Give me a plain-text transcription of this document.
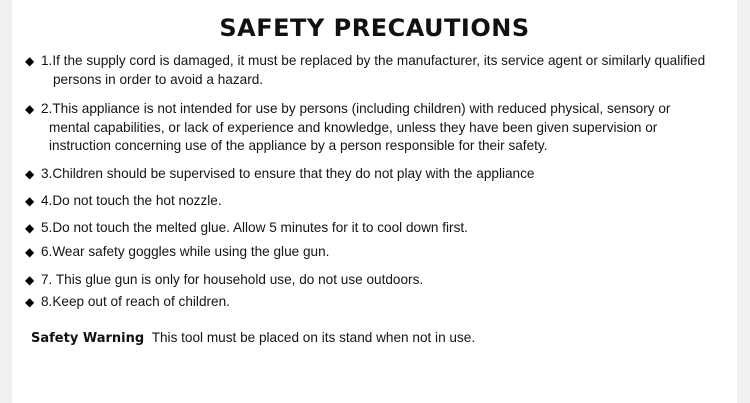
SAFETY PRECAUTIONS
◆ 1.If the supply cord is damaged, it must be replaced by the manufacturer, its service agent or similarly qualified
persons in order to avoid a hazard.
◆ 2.This appliance is not intended for use by persons (including children) with reduced physical, sensory or
mental capabilities, or lack of experience and knowledge, unless they have been given supervision or
instruction concerning use of the appliance by a person responsible for their safety.
◆ 3.Children should be supervised to ensure that they do not play with the appliance
◆ 4.Do not touch the hot nozzle.
◆ 5.Do not touch the melted glue. Allow 5 minutes for it to cool down first.
◆ 6.Wear safety goggles while using the glue gun.
◆ 7. This glue gun is only for household use, do not use outdoors.
◆ 8.Keep out of reach of children.
Safety Warning This tool must be placed on its stand when not in use.
